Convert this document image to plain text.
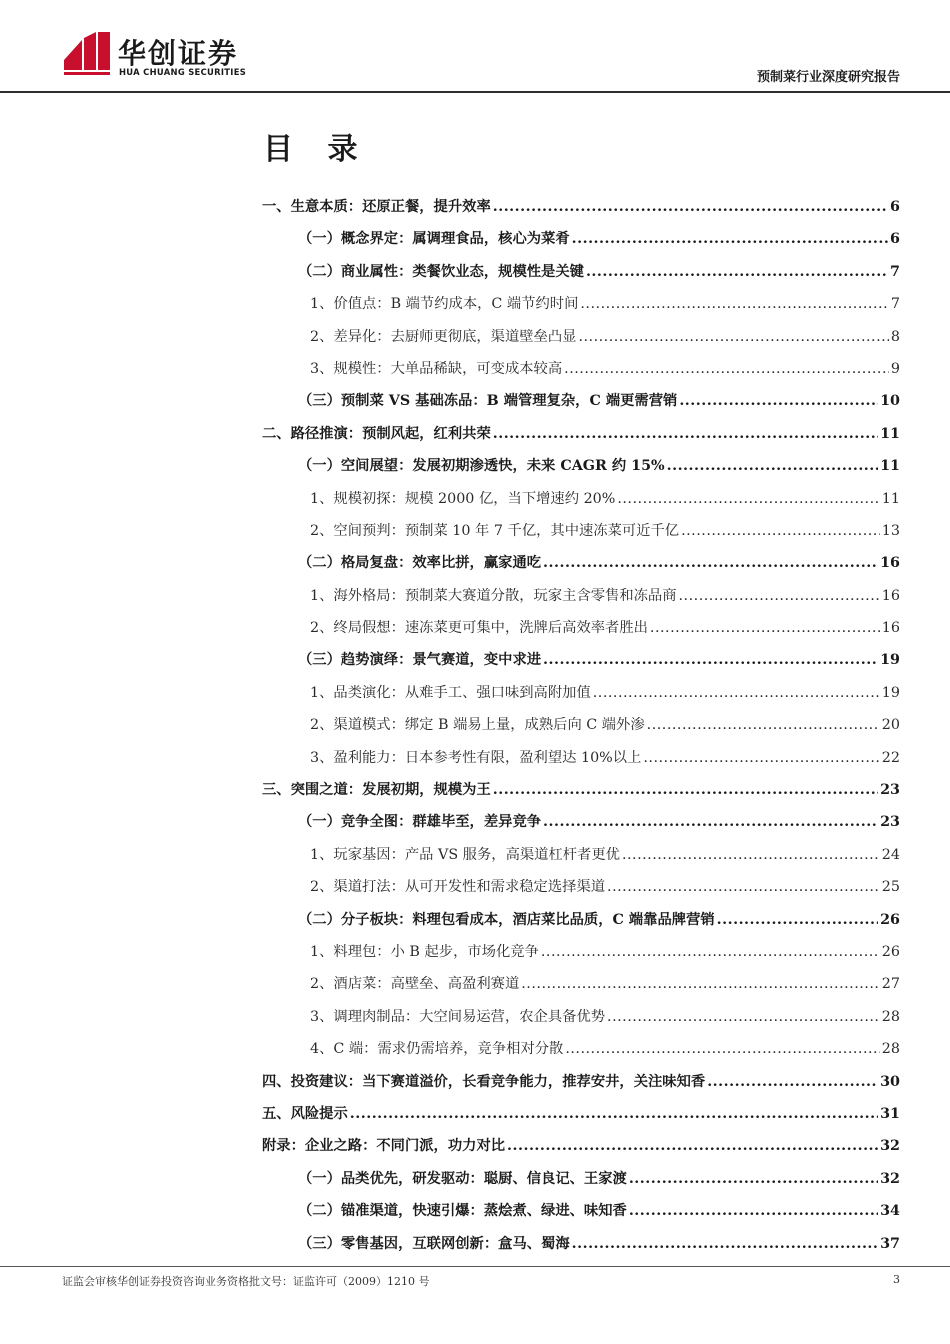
华创证券
HUA CHUANG SECURITIES	预制菜行业深度研究报告
目 录
一、生意本质：还原正餐，提升效率 .....	6
（一）概念界定：属调理食品，核心为菜肴 .....	6
（二）商业属性：类餐饮业态，规模性是关键 .....	7
1、价值点：B 端节约成本，C 端节约时间 .....	7
2、差异化：去厨师更彻底，渠道壁垒凸显 .....	8
3、规模性：大单品稀缺，可变成本较高 .....	9
（三）预制菜 VS 基础冻品：B 端管理复杂，C 端更需营销 .....	10
二、路径推演：预制风起，红利共荣 .....	11
（一）空间展望：发展初期渗透快，未来 CAGR 约 15% .....	11
1、规模初探：规模 2000 亿，当下增速约 20% .....	11
2、空间预判：预制菜 10 年 7 千亿，其中速冻菜可近千亿 .....	13
（二）格局复盘：效率比拼，赢家通吃 .....	16
1、海外格局：预制菜大赛道分散，玩家主含零售和冻品商 .....	16
2、终局假想：速冻菜更可集中，洗牌后高效率者胜出 .....	16
（三）趋势演绎：景气赛道，变中求进 .....	19
1、品类演化：从难手工、强口味到高附加值 .....	19
2、渠道模式：绑定 B 端易上量，成熟后向 C 端外渗 .....	20
3、盈利能力：日本参考性有限，盈利望达 10%以上 .....	22
三、突围之道：发展初期，规模为王 .....	23
（一）竞争全图：群雄毕至，差异竞争 .....	23
1、玩家基因：产品 VS 服务，高渠道杠杆者更优 .....	24
2、渠道打法：从可开发性和需求稳定选择渠道 .....	25
（二）分子板块：料理包看成本，酒店菜比品质，C 端靠品牌营销 .....	26
1、料理包：小 B 起步，市场化竞争 .....	26
2、酒店菜：高壁垒、高盈利赛道 .....	27
3、调理肉制品：大空间易运营，农企具备优势 .....	28
4、C 端：需求仍需培养，竞争相对分散 .....	28
四、投资建议：当下赛道溢价，长看竞争能力，推荐安井，关注味知香 .....	30
五、风险提示 .....	31
附录：企业之路：不同门派，功力对比 .....	32
（一）品类优先，研发驱动：聪厨、信良记、王家渡 .....	32
（二）锚准渠道，快速引爆：蒸烩煮、绿进、味知香 .....	34
（三）零售基因，互联网创新：盒马、蜀海 .....	37
证监会审核华创证券投资咨询业务资格批文号：证监许可（2009）1210 号	3
